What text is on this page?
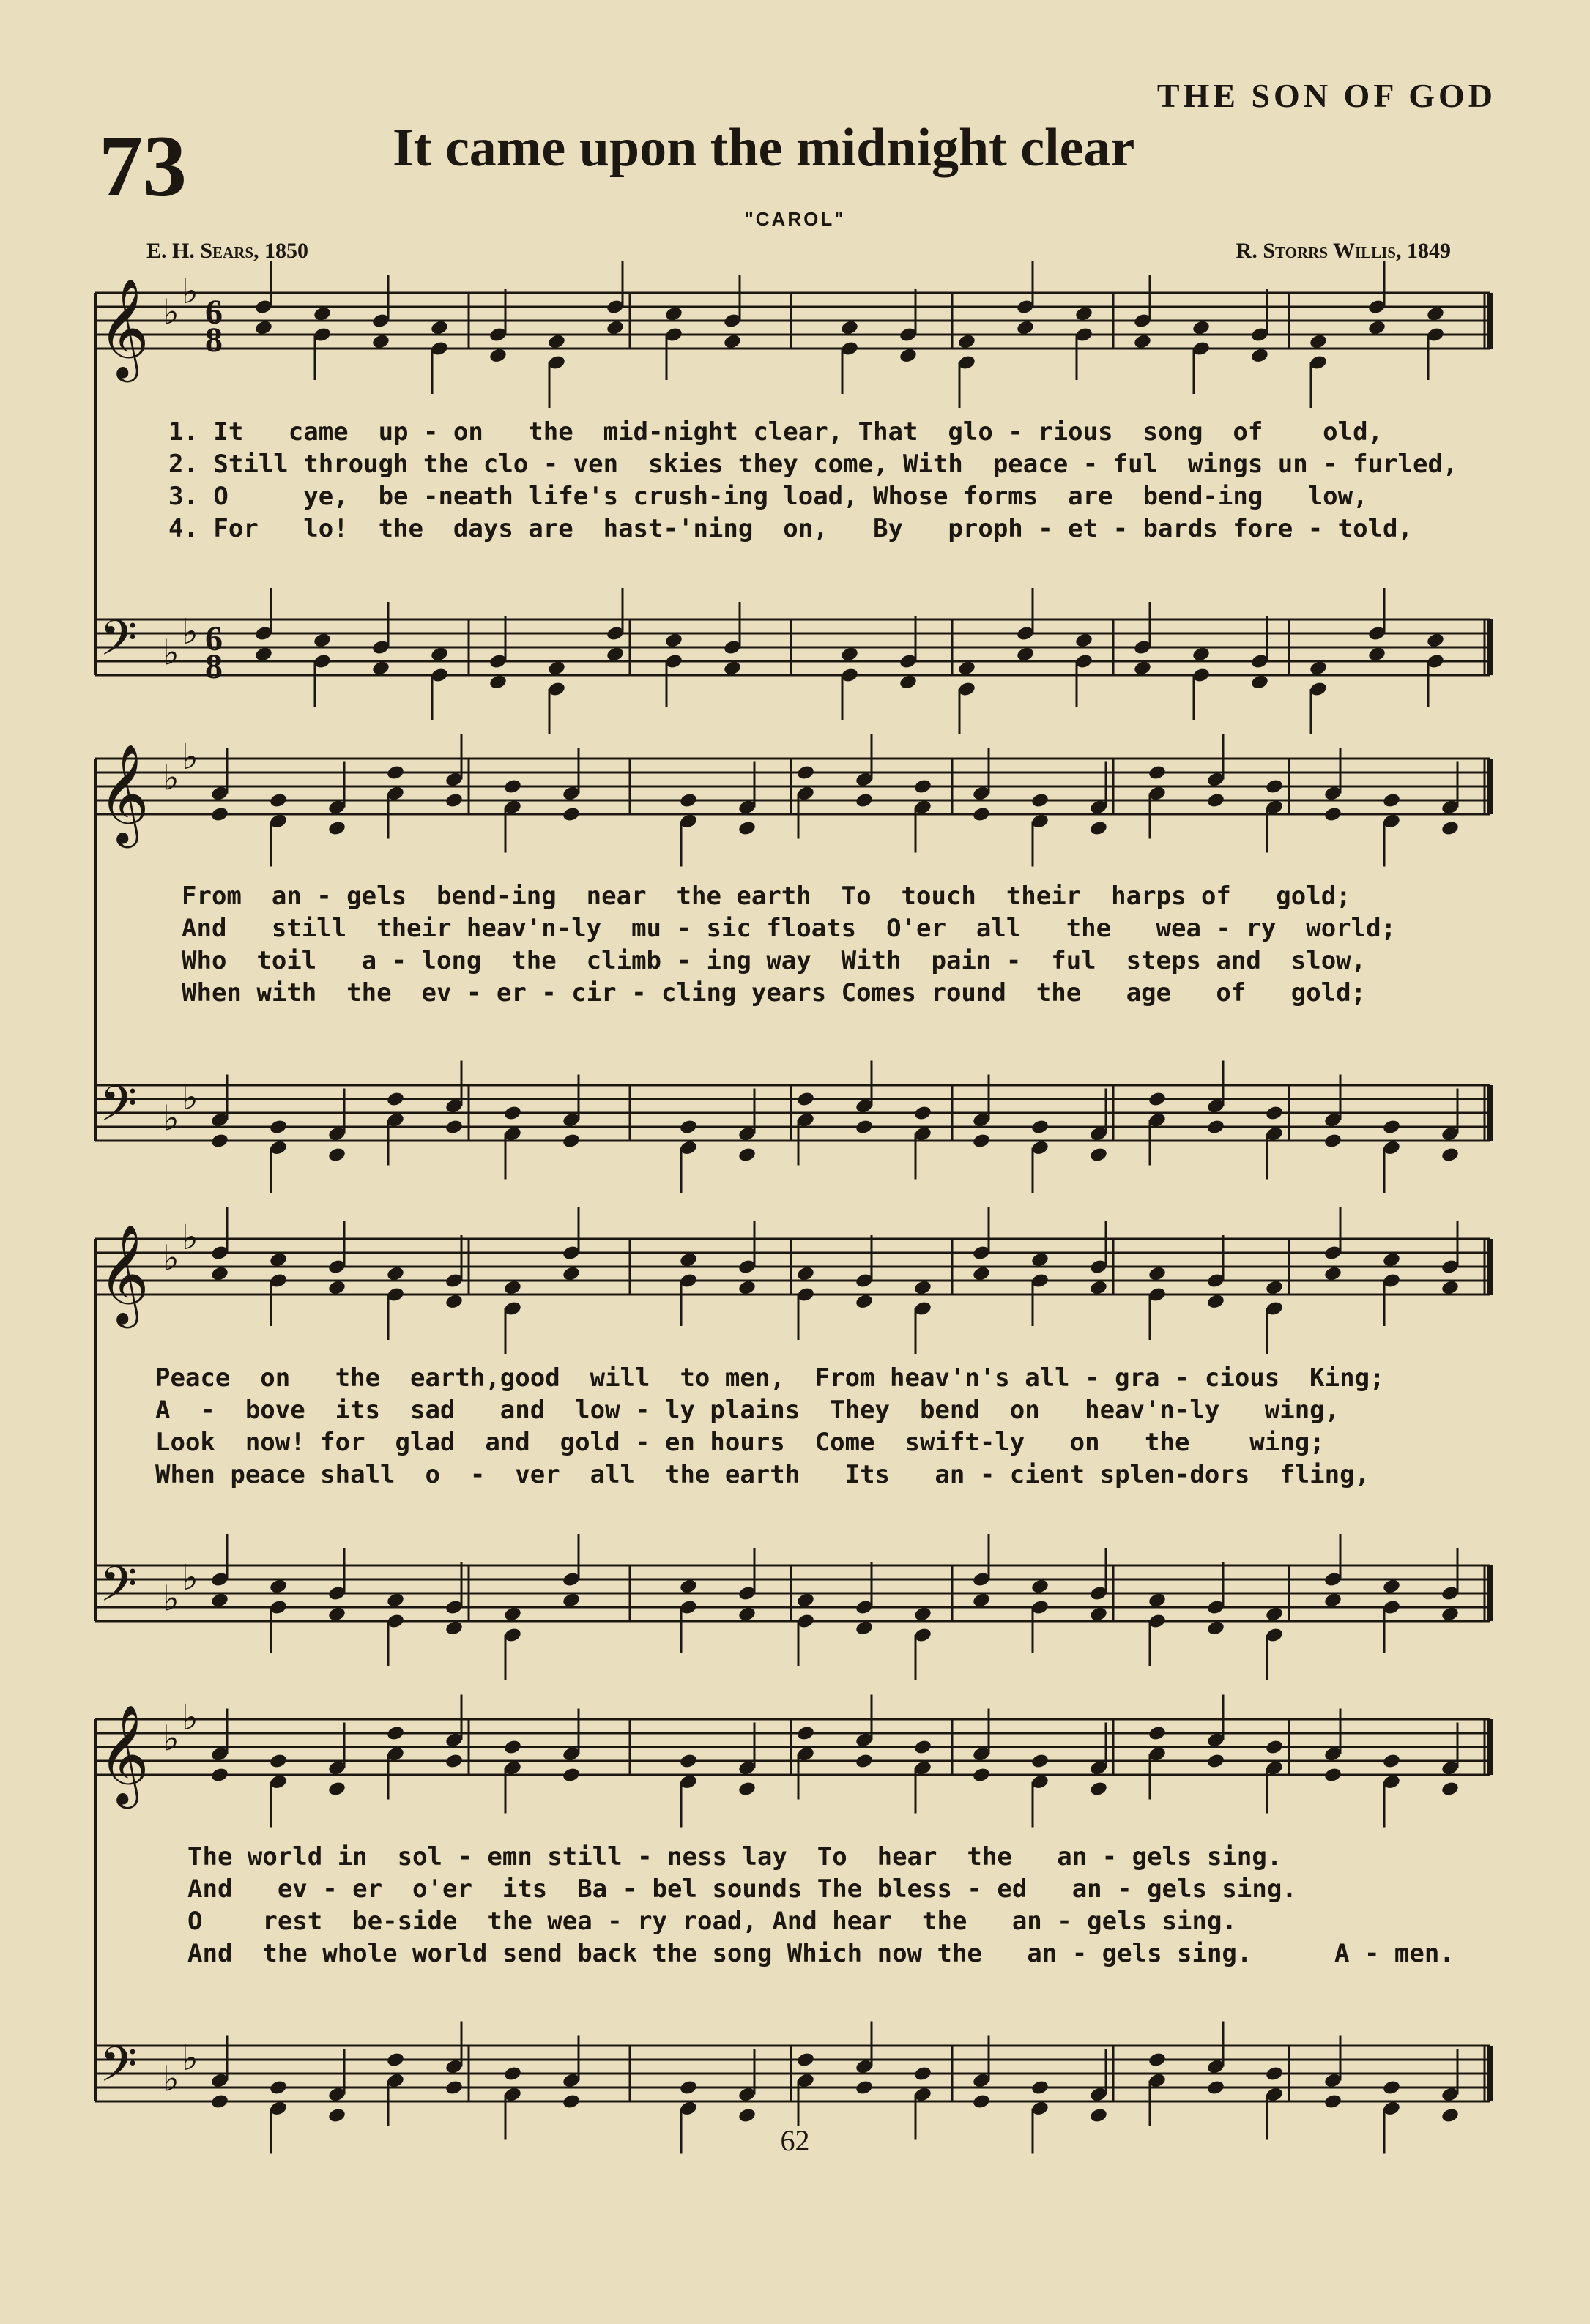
THE SON OF GOD
73	It came upon the midnight clear
"CAROL"
E. H. Sears, 1850	R. Storrs Willis, 1849
𝄞 ♭
♭
6
8
𝄞 ♭
♭
𝄞 ♭
♭
𝄞 ♭
♭
𝄢 ♭
♭ 6
8
𝄢 ♭
♭
𝄢 ♭
♭
𝄢 ♭
♭
1. It   came  up - on   the  mid-night clear, That  glo - rious  song  of    old,
2. Still through the clo - ven  skies they come, With  peace - ful  wings un - furled,
3. O     ye,  be -neath life's crush-ing load, Whose forms  are  bend-ing   low,
4. For   lo!  the  days are  hast-'ning  on,   By   proph - et - bards fore - told,
From  an - gels  bend-ing  near  the earth  To  touch  their  harps of   gold;
And   still  their heav'n-ly  mu - sic floats  O'er  all   the   wea - ry  world;
Who  toil   a - long  the  climb - ing way  With  pain -  ful  steps and  slow,
When with  the  ev - er - cir - cling years Comes round  the   age   of   gold;
Peace  on   the  earth,good  will  to men,  From heav'n's all - gra - cious  King;
A  -  bove  its  sad   and  low - ly plains  They  bend  on   heav'n-ly   wing,
Look  now! for  glad  and  gold - en hours  Come  swift-ly   on   the    wing;
When peace shall  o  -  ver  all  the earth   Its   an - cient splen-dors  fling,
The world in  sol - emn still - ness lay  To  hear  the   an - gels sing.
And   ev - er  o'er  its  Ba - bel sounds The bless - ed   an - gels sing.
O    rest  be-side  the wea - ry road, And hear  the   an - gels sing.
And  the whole world send back the song Which now the   an - gels sing.	A - men.
62
